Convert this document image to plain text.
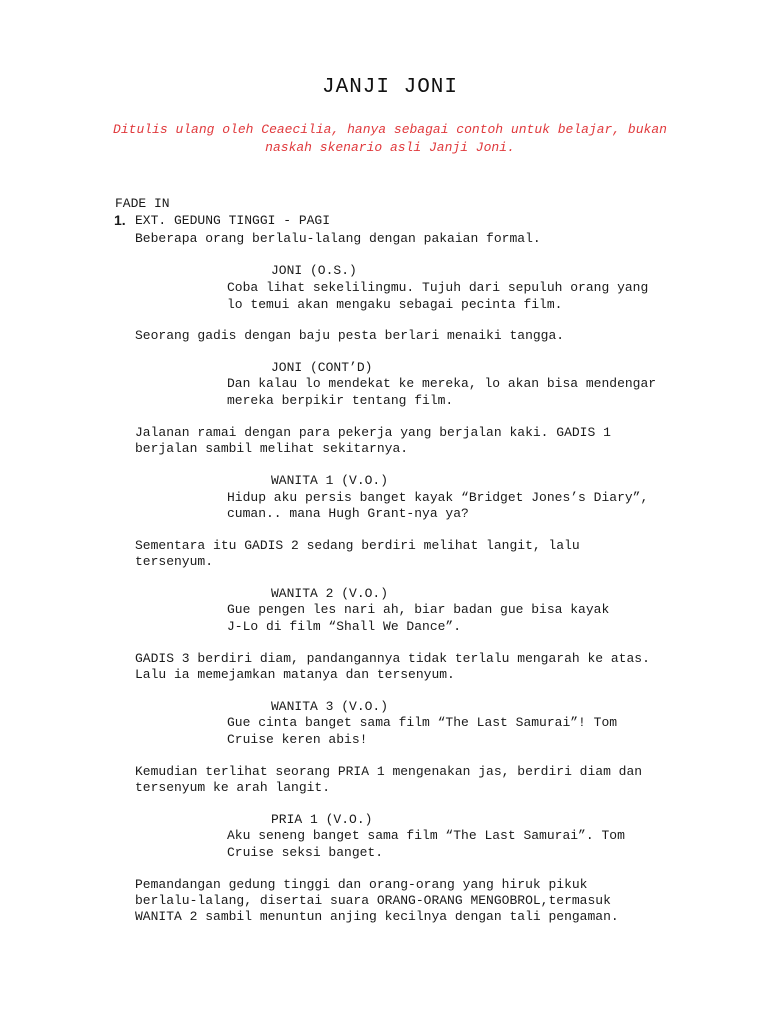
JANJI JONI
Ditulis ulang oleh Ceaecilia, hanya sebagai contoh untuk belajar, bukan
naskah skenario asli Janji Joni.
FADE IN
1. EXT. GEDUNG TINGGI - PAGI
Beberapa orang berlalu-lalang dengan pakaian formal.
JONI (O.S.)
Coba lihat sekelilingmu. Tujuh dari sepuluh orang yang
lo temui akan mengaku sebagai pecinta film.
Seorang gadis dengan baju pesta berlari menaiki tangga.
JONI (CONT’D)
Dan kalau lo mendekat ke mereka, lo akan bisa mendengar
mereka berpikir tentang film.
Jalanan ramai dengan para pekerja yang berjalan kaki. GADIS 1
berjalan sambil melihat sekitarnya.
WANITA 1 (V.O.)
Hidup aku persis banget kayak “Bridget Jones’s Diary”,
cuman.. mana Hugh Grant-nya ya?
Sementara itu GADIS 2 sedang berdiri melihat langit, lalu
tersenyum.
WANITA 2 (V.O.)
Gue pengen les nari ah, biar badan gue bisa kayak
J-Lo di film “Shall We Dance”.
GADIS 3 berdiri diam, pandangannya tidak terlalu mengarah ke atas.
Lalu ia memejamkan matanya dan tersenyum.
WANITA 3 (V.O.)
Gue cinta banget sama film “The Last Samurai”! Tom
Cruise keren abis!
Kemudian terlihat seorang PRIA 1 mengenakan jas, berdiri diam dan
tersenyum ke arah langit.
PRIA 1 (V.O.)
Aku seneng banget sama film “The Last Samurai”. Tom
Cruise seksi banget.
Pemandangan gedung tinggi dan orang-orang yang hiruk pikuk
berlalu-lalang, disertai suara ORANG-ORANG MENGOBROL,termasuk
WANITA 2 sambil menuntun anjing kecilnya dengan tali pengaman.
